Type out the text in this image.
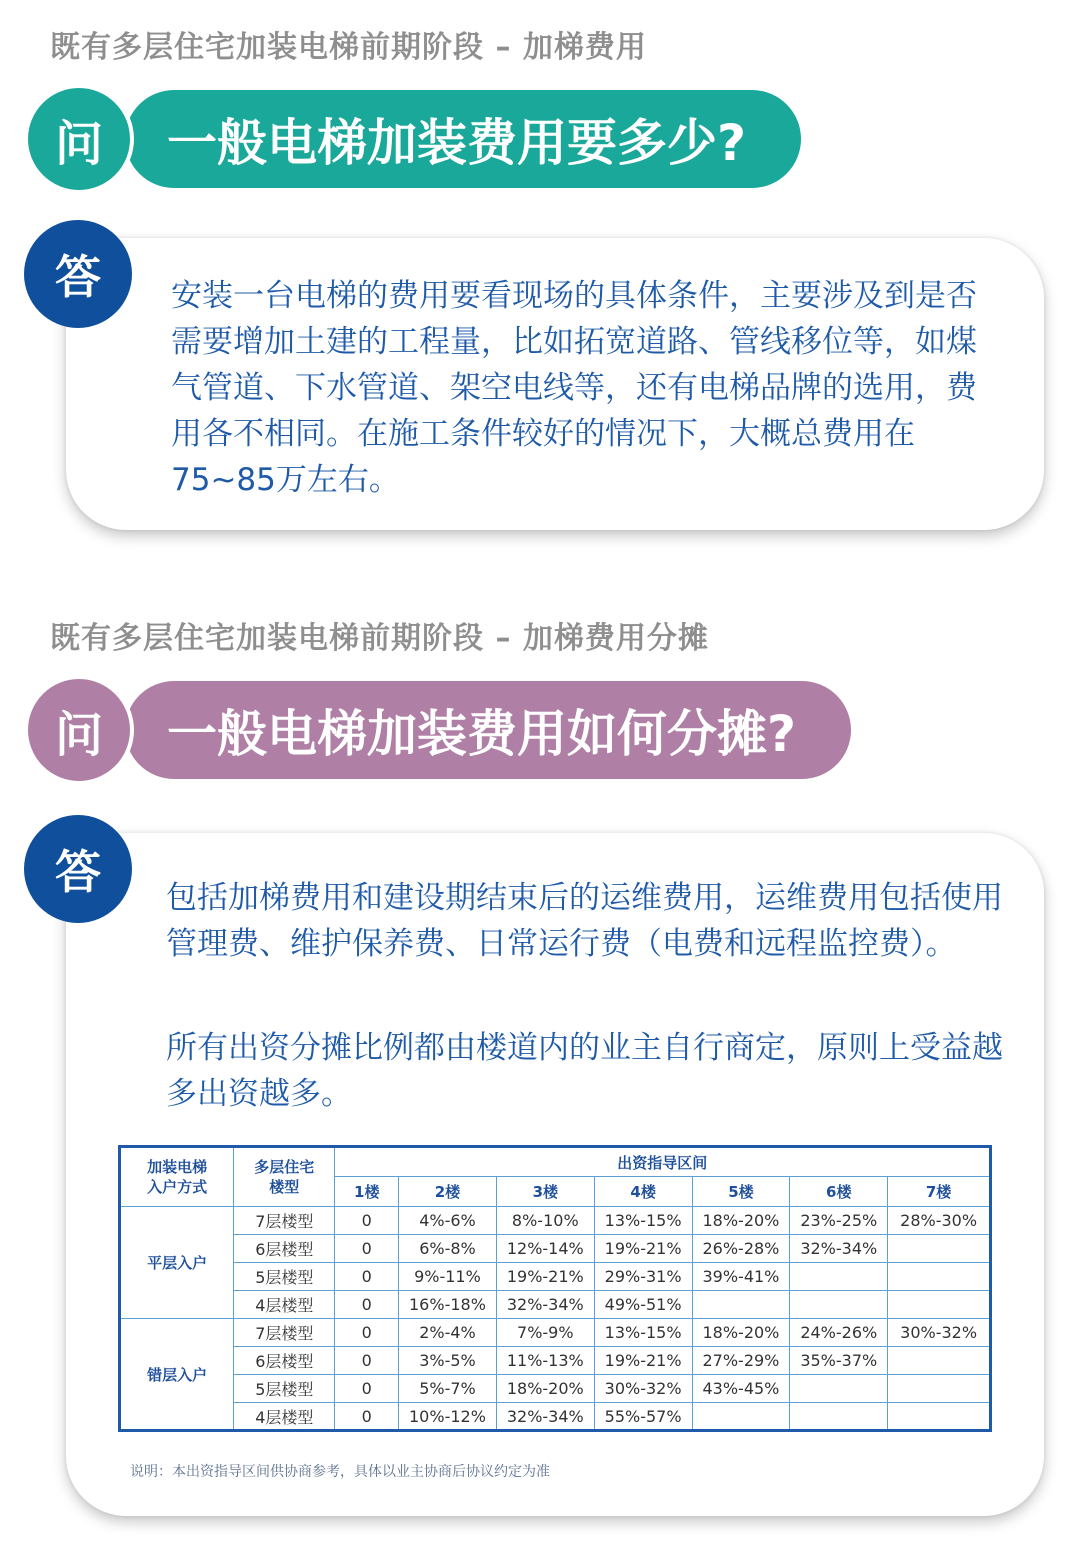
既有多层住宅加装电梯前期阶段 – 加梯费用
一般电梯加装费用要多少?
问

安装一台电梯的费用要看现场的具体条件，主要涉及到是否需要增加土建的工程量，比如拓宽道路、管线移位等，如煤气管道、下水管道、架空电线等，还有电梯品牌的选用，费用各不相同。在施工条件较好的情况下，大概总费用在75~85万左右。

答
既有多层住宅加装电梯前期阶段 – 加梯费用分摊
一般电梯加装费用如何分摊?
问

包括加梯费用和建设期结束后的运维费用，运维费用包括使用管理费、维护保养费、日常运行费（电费和远程监控费）。

所有出资分摊比例都由楼道内的业主自行商定，原则上受益越多出资越多。

答
加装电梯
入户方式	多层住宅
楼型	出资指导区间						
		1楼	2楼	3楼	4楼	5楼	6楼	7楼
平层入户	7层楼型	0	4%-6%	8%-10%	13%-15%	18%-20%	23%-25%	28%-30%
	6层楼型	0	6%-8%	12%-14%	19%-21%	26%-28%	32%-34%	
	5层楼型	0	9%-11%	19%-21%	29%-31%	39%-41%		
	4层楼型	0	16%-18%	32%-34%	49%-51%			
错层入户	7层楼型	0	2%-4%	7%-9%	13%-15%	18%-20%	24%-26%	30%-32%
	6层楼型	0	3%-5%	11%-13%	19%-21%	27%-29%	35%-37%	
	5层楼型	0	5%-7%	18%-20%	30%-32%	43%-45%		
	4层楼型	0	10%-12%	32%-34%	55%-57%			
说明：本出资指导区间供协商参考，具体以业主协商后协议约定为准
